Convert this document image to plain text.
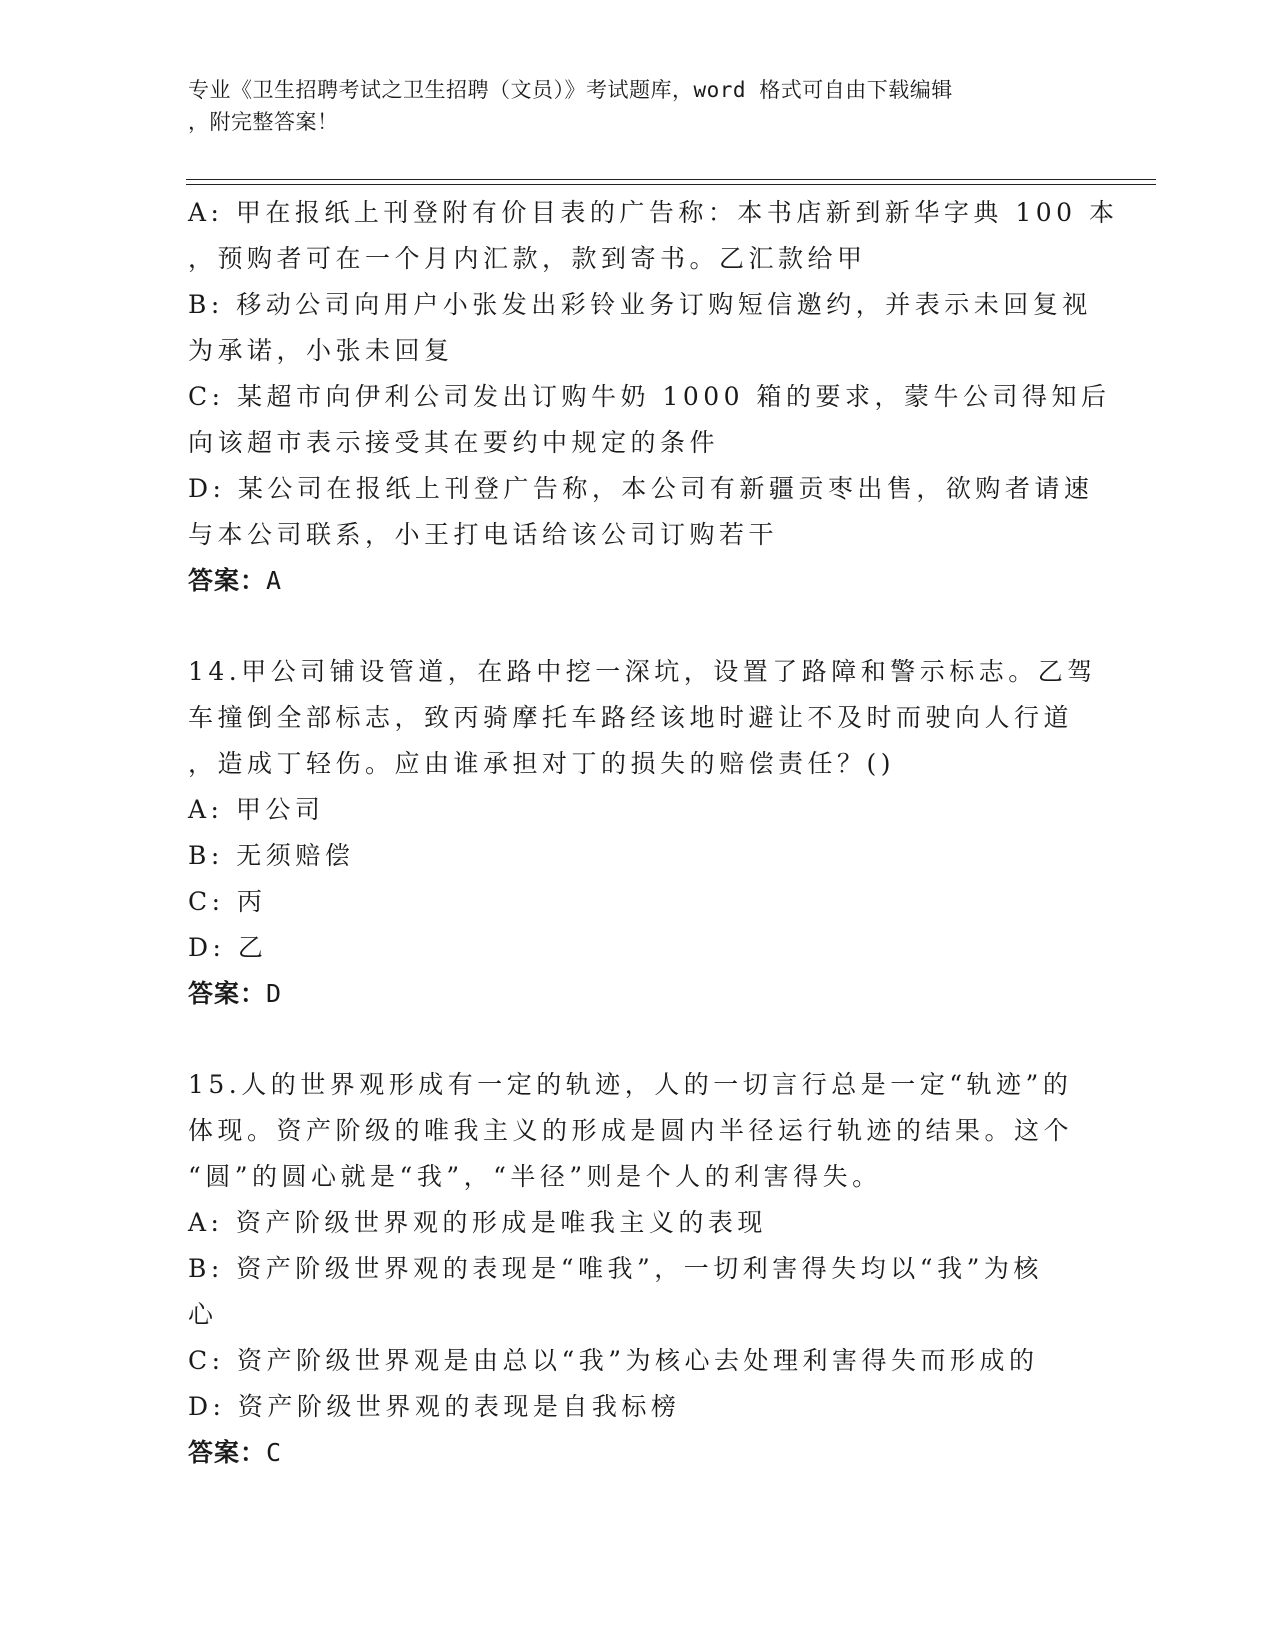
专业《卫生招聘考试之卫生招聘（文员）》考试题库，word 格式可自由下载编辑
，附完整答案！
A: 甲在报纸上刊登附有价目表的广告称：本书店新到新华字典 100 本
，预购者可在一个月内汇款，款到寄书。乙汇款给甲
B: 移动公司向用户小张发出彩铃业务订购短信邀约，并表示未回复视
为承诺，小张未回复
C: 某超市向伊利公司发出订购牛奶 1000 箱的要求，蒙牛公司得知后
向该超市表示接受其在要约中规定的条件
D: 某公司在报纸上刊登广告称，本公司有新疆贡枣出售，欲购者请速
与本公司联系，小王打电话给该公司订购若干
答案：A
14.甲公司铺设管道，在路中挖一深坑，设置了路障和警示标志。乙驾
车撞倒全部标志，致丙骑摩托车路经该地时避让不及时而驶向人行道
，造成丁轻伤。应由谁承担对丁的损失的赔偿责任？()
A: 甲公司
B: 无须赔偿
C: 丙
D: 乙
答案：D
15.人的世界观形成有一定的轨迹，人的一切言行总是一定“轨迹”的
体现。资产阶级的唯我主义的形成是圆内半径运行轨迹的结果。这个
“圆”的圆心就是“我”，“半径”则是个人的利害得失。
A: 资产阶级世界观的形成是唯我主义的表现
B: 资产阶级世界观的表现是“唯我”，一切利害得失均以“我”为核
心
C: 资产阶级世界观是由总以“我”为核心去处理利害得失而形成的
D: 资产阶级世界观的表现是自我标榜
答案：C
